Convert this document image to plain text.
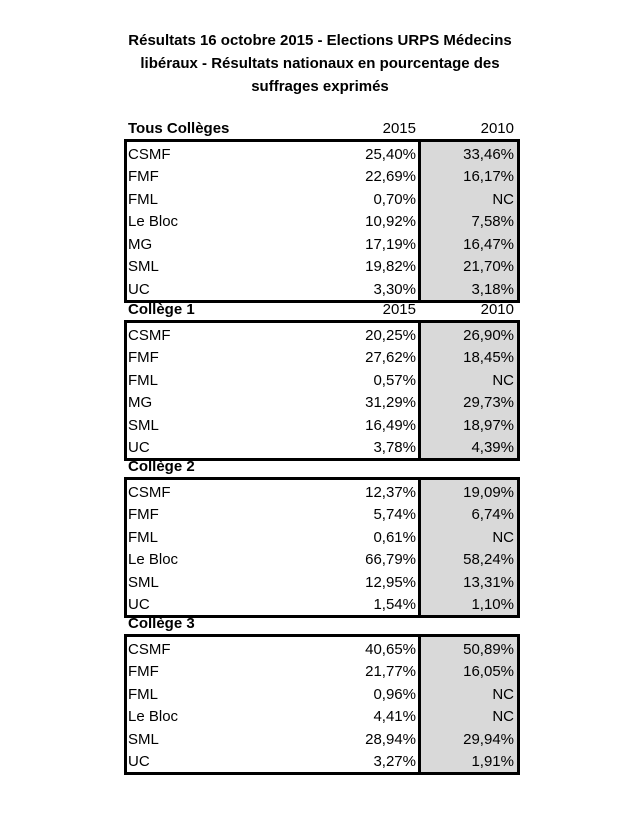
Résultats 16 octobre 2015 - Elections URPS Médecins
libéraux - Résultats nationaux en pourcentage des
suffrages exprimés
Tous Collèges	2015	2010
CSMF	25,40%	33,46%
FMF	22,69%	16,17%
FML	0,70%	NC
Le Bloc	10,92%	7,58%
MG	17,19%	16,47%
SML	19,82%	21,70%
UC	3,30%	3,18%
Collège 1	2015	2010
CSMF	20,25%	26,90%
FMF	27,62%	18,45%
FML	0,57%	NC
MG	31,29%	29,73%
SML	16,49%	18,97%
UC	3,78%	4,39%
Collège 2
CSMF	12,37%	19,09%
FMF	5,74%	6,74%
FML	0,61%	NC
Le Bloc	66,79%	58,24%
SML	12,95%	13,31%
UC	1,54%	1,10%
Collège 3
CSMF	40,65%	50,89%
FMF	21,77%	16,05%
FML	0,96%	NC
Le Bloc	4,41%	NC
SML	28,94%	29,94%
UC	3,27%	1,91%
